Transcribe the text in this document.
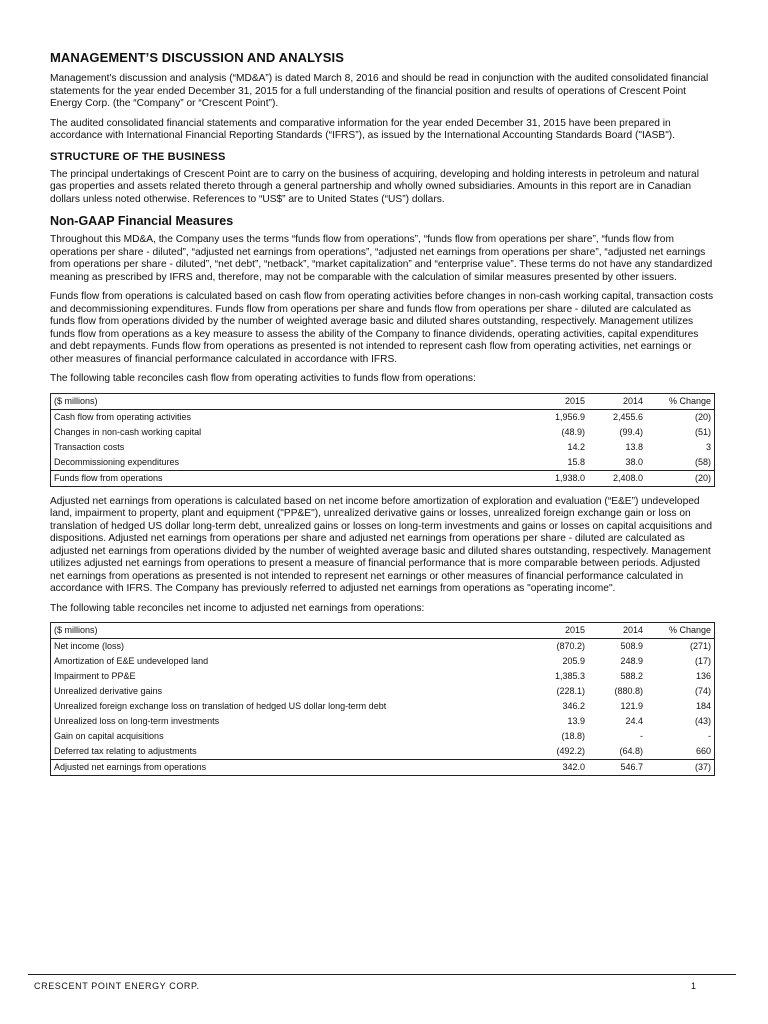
MANAGEMENT’S DISCUSSION AND ANALYSIS

Management's discussion and analysis (“MD&A”) is dated March 8, 2016 and should be read in conjunction with the audited consolidated financial statements for the year ended December 31, 2015 for a full understanding of the financial position and results of operations of Crescent Point Energy Corp. (the “Company” or “Crescent Point”).

The audited consolidated financial statements and comparative information for the year ended December 31, 2015 have been prepared in accordance with International Financial Reporting Standards (“IFRS”), as issued by the International Accounting Standards Board ("IASB").

STRUCTURE OF THE BUSINESS

The principal undertakings of Crescent Point are to carry on the business of acquiring, developing and holding interests in petroleum and natural gas properties and assets related thereto through a general partnership and wholly owned subsidiaries. Amounts in this report are in Canadian dollars unless noted otherwise. References to “US$” are to United States (“US”) dollars.

Non-GAAP Financial Measures

Throughout this MD&A, the Company uses the terms “funds flow from operations”, “funds flow from operations per share”, “funds flow from operations per share - diluted”, “adjusted net earnings from operations”, “adjusted net earnings from operations per share”, “adjusted net earnings from operations per share - diluted”, “net debt”, “netback”, “market capitalization” and “enterprise value”. These terms do not have any standardized meaning as prescribed by IFRS and, therefore, may not be comparable with the calculation of similar measures presented by other issuers.

Funds flow from operations is calculated based on cash flow from operating activities before changes in non-cash working capital, transaction costs and decommissioning expenditures. Funds flow from operations per share and funds flow from operations per share - diluted are calculated as funds flow from operations divided by the number of weighted average basic and diluted shares outstanding, respectively. Management utilizes funds flow from operations as a key measure to assess the ability of the Company to finance dividends, operating activities, capital expenditures and debt repayments. Funds flow from operations as presented is not intended to represent cash flow from operating activities, net earnings or other measures of financial performance calculated in accordance with IFRS.

The following table reconciles cash flow from operating activities to funds flow from operations:

($ millions)	2015	2014	% Change
Cash flow from operating activities	1,956.9	2,455.6	(20)
Changes in non-cash working capital	(48.9)	(99.4)	(51)
Transaction costs	14.2	13.8	3
Decommissioning expenditures	15.8	38.0	(58)
Funds flow from operations	1,938.0	2,408.0	(20)

Adjusted net earnings from operations is calculated based on net income before amortization of exploration and evaluation (“E&E”) undeveloped land, impairment to property, plant and equipment ("PP&E"), unrealized derivative gains or losses, unrealized foreign exchange gain or loss on translation of hedged US dollar long-term debt, unrealized gains or losses on long-term investments and gains or losses on capital acquisitions and dispositions. Adjusted net earnings from operations per share and adjusted net earnings from operations per share - diluted are calculated as adjusted net earnings from operations divided by the number of weighted average basic and diluted shares outstanding, respectively. Management utilizes adjusted net earnings from operations to present a measure of financial performance that is more comparable between periods. Adjusted net earnings from operations as presented is not intended to represent net earnings or other measures of financial performance calculated in accordance with IFRS. The Company has previously referred to adjusted net earnings from operations as "operating income".

The following table reconciles net income to adjusted net earnings from operations:

($ millions)	2015	2014	% Change
Net income (loss)	(870.2)	508.9	(271)
Amortization of E&E undeveloped land	205.9	248.9	(17)
Impairment to PP&E	1,385.3	588.2	136
Unrealized derivative gains	(228.1)	(880.8)	(74)
Unrealized foreign exchange loss on translation of hedged US dollar long-term debt	346.2	121.9	184
Unrealized loss on long-term investments	13.9	24.4	(43)
Gain on capital acquisitions	(18.8)	-	-
Deferred tax relating to adjustments	(492.2)	(64.8)	660
Adjusted net earnings from operations	342.0	546.7	(37)
CRESCENT POINT ENERGY CORP.	1
